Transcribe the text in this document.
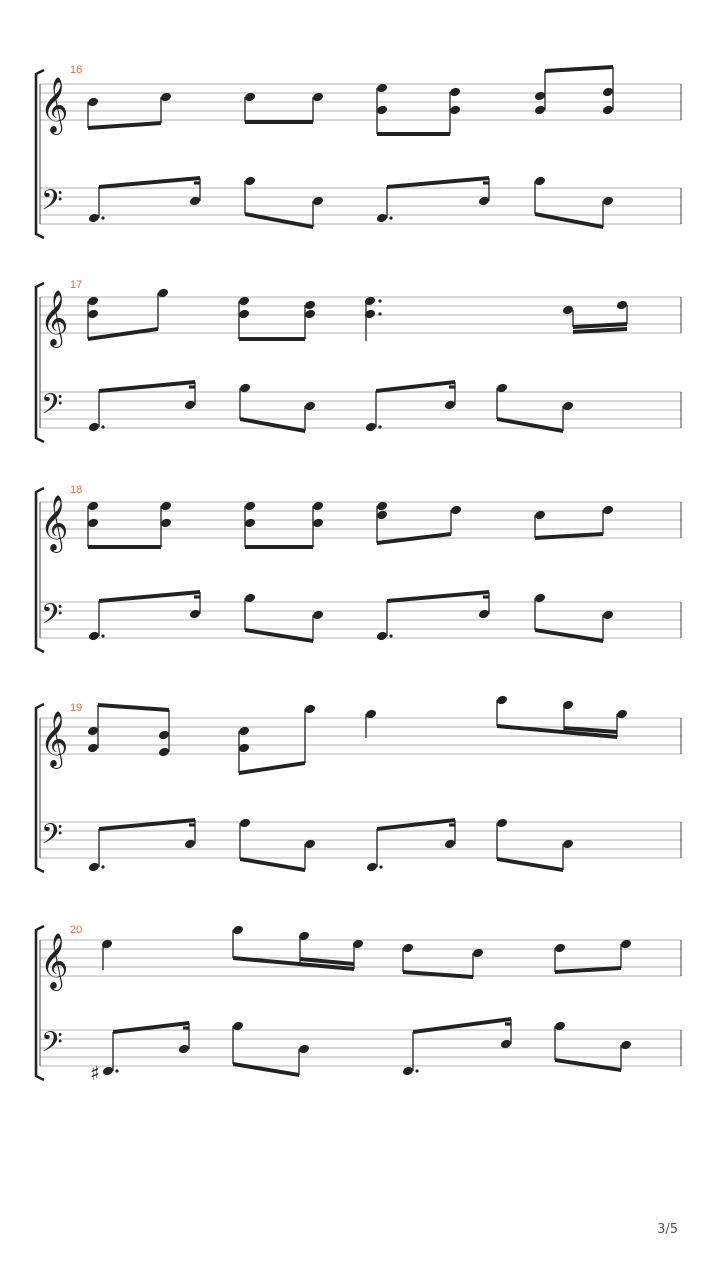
𝄞
𝄢
16
𝄞
𝄢
17
𝄞
𝄢
18
𝄞
𝄢
19
𝄞
𝄢
20
♯
3/5
